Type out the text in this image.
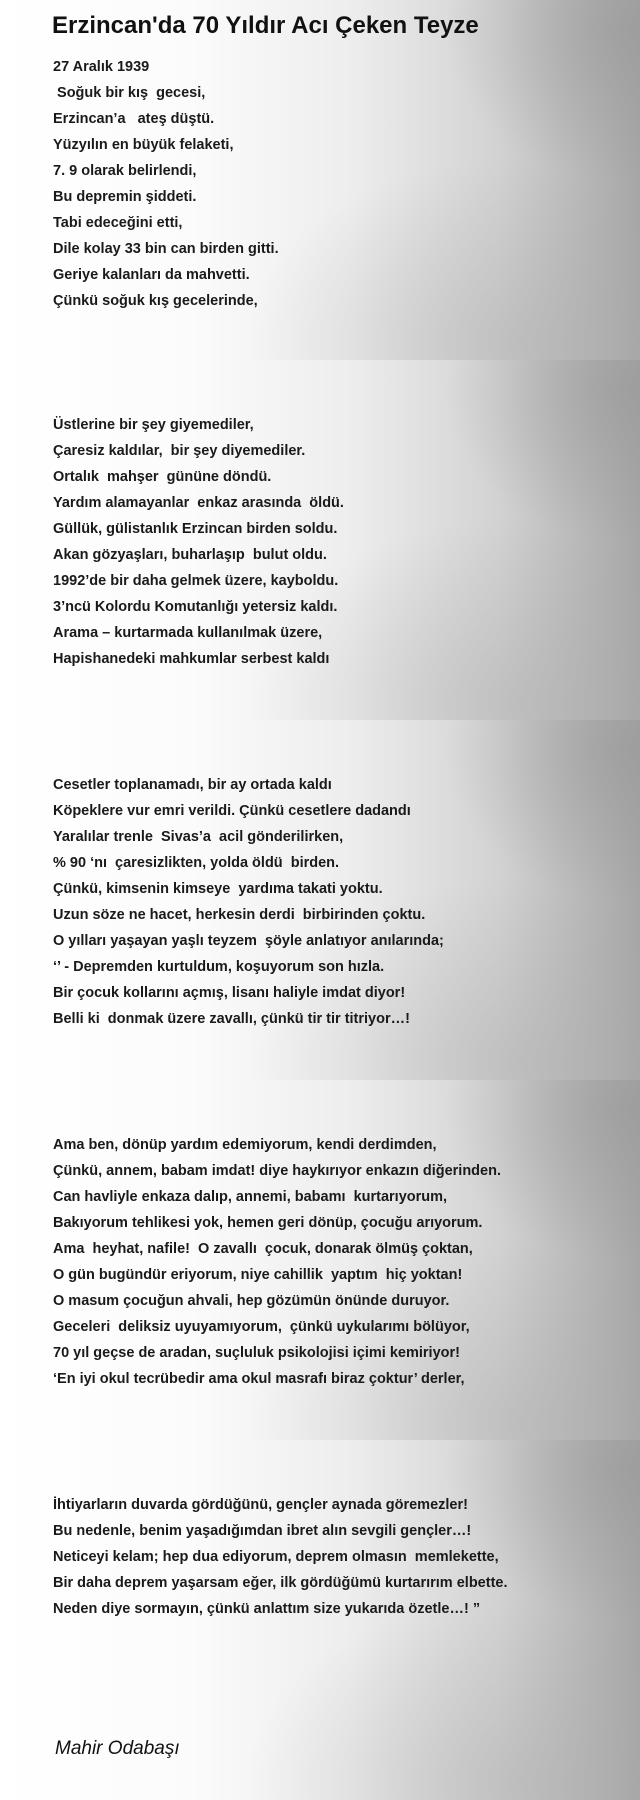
Erzincan'da 70 Yıldır Acı Çeken Teyze
27 Aralık 1939
Soğuk bir kış  gecesi,
Erzincan’a   ateş düştü.
Yüzyılın en büyük felaketi,
7. 9 olarak belirlendi,
Bu depremin şiddeti.
Tabi edeceğini etti,
Dile kolay 33 bin can birden gitti.
Geriye kalanları da mahvetti.
Çünkü soğuk kış gecelerinde,
Üstlerine bir şey giyemediler,
Çaresiz kaldılar,  bir şey diyemediler.
Ortalık  mahşer  gününe döndü.
Yardım alamayanlar  enkaz arasında  öldü.
Güllük, gülistanlık Erzincan birden soldu.
Akan gözyaşları, buharlaşıp  bulut oldu.
1992’de bir daha gelmek üzere, kayboldu.
3’ncü Kolordu Komutanlığı yetersiz kaldı.
Arama – kurtarmada kullanılmak üzere,
Hapishanedeki mahkumlar serbest kaldı
Cesetler toplanamadı, bir ay ortada kaldı
Köpeklere vur emri verildi. Çünkü cesetlere dadandı
Yaralılar trenle  Sivas’a  acil gönderilirken,
% 90 ‘nı  çaresizlikten, yolda öldü  birden.
Çünkü, kimsenin kimseye  yardıma takati yoktu.
Uzun söze ne hacet, herkesin derdi  birbirinden çoktu.
O yılları yaşayan yaşlı teyzem  şöyle anlatıyor anılarında;
‘’ - Depremden kurtuldum, koşuyorum son hızla.
Bir çocuk kollarını açmış, lisanı haliyle imdat diyor!
Belli ki  donmak üzere zavallı, çünkü tir tir titriyor…!
Ama ben, dönüp yardım edemiyorum, kendi derdimden,
Çünkü, annem, babam imdat! diye haykırıyor enkazın diğerinden.
Can havliyle enkaza dalıp, annemi, babamı  kurtarıyorum,
Bakıyorum tehlikesi yok, hemen geri dönüp, çocuğu arıyorum.
Ama  heyhat, nafile!  O zavallı  çocuk, donarak ölmüş çoktan,
O gün bugündür eriyorum, niye cahillik  yaptım  hiç yoktan!
O masum çocuğun ahvali, hep gözümün önünde duruyor.
Geceleri  deliksiz uyuyamıyorum,  çünkü uykularımı bölüyor,
70 yıl geçse de aradan, suçluluk psikolojisi içimi kemiriyor!
‘En iyi okul tecrübedir ama okul masrafı biraz çoktur’ derler,
İhtiyarların duvarda gördüğünü, gençler aynada göremezler!
Bu nedenle, benim yaşadığımdan ibret alın sevgili gençler…!
Neticeyi kelam; hep dua ediyorum, deprem olmasın  memlekette,
Bir daha deprem yaşarsam eğer, ilk gördüğümü kurtarırım elbette.
Neden diye sormayın, çünkü anlattım size yukarıda özetle…! ”
Mahir Odabaşı
